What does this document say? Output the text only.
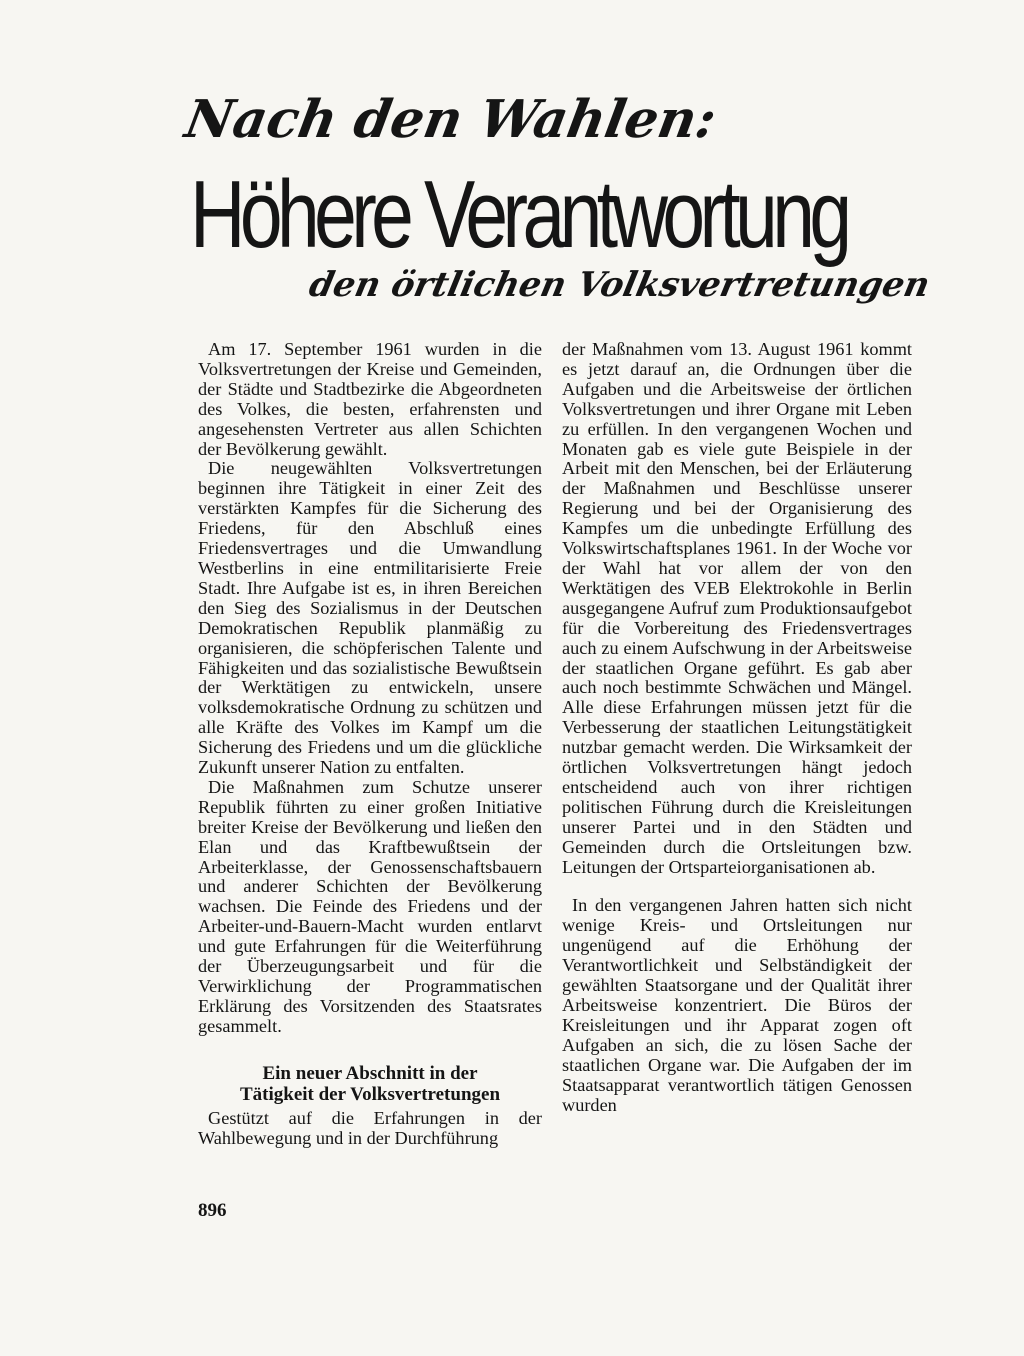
Nach den Wahlen:
Höhere Verantwortung
den örtlichen Volksvertretungen

Am 17. September 1961 wurden in die Volksvertretungen der Kreise und Gemeinden, der Städte und Stadtbezirke die Abgeordneten des Volkes, die besten, erfahrensten und angesehensten Vertreter aus allen Schichten der Bevölkerung gewählt.

Die neugewählten Volksvertretungen beginnen ihre Tätigkeit in einer Zeit des verstärkten Kampfes für die Sicherung des Friedens, für den Abschluß eines Friedensvertrages und die Umwandlung Westberlins in eine entmilitarisierte Freie Stadt. Ihre Aufgabe ist es, in ihren Bereichen den Sieg des Sozialismus in der Deutschen Demokratischen Republik planmäßig zu organisieren, die schöpferischen Talente und Fähigkeiten und das sozialistische Bewußtsein der Werktätigen zu entwickeln, unsere volksdemokratische Ordnung zu schützen und alle Kräfte des Volkes im Kampf um die Sicherung des Friedens und um die glückliche Zukunft unserer Nation zu entfalten.

Die Maßnahmen zum Schutze unserer Republik führten zu einer großen Initiative breiter Kreise der Bevölkerung und ließen den Elan und das Kraftbewußtsein der Arbeiterklasse, der Genossenschaftsbauern und anderer Schichten der Bevölkerung wachsen. Die Feinde des Friedens und der Arbeiter-und-Bauern-Macht wurden entlarvt und gute Erfahrungen für die Weiterführung der Überzeugungsarbeit und für die Verwirklichung der Programmatischen Erklärung des Vorsitzenden des Staatsrates gesammelt.

Ein neuer Abschnitt in der
Tätigkeit der Volksvertretungen

Gestützt auf die Erfahrungen in der Wahlbewegung und in der Durchführung

der Maßnahmen vom 13. August 1961 kommt es jetzt darauf an, die Ordnungen über die Aufgaben und die Arbeitsweise der örtlichen Volksvertretungen und ihrer Organe mit Leben zu erfüllen. In den vergangenen Wochen und Monaten gab es viele gute Beispiele in der Arbeit mit den Menschen, bei der Erläuterung der Maßnahmen und Beschlüsse unserer Regierung und bei der Organisierung des Kampfes um die unbedingte Erfüllung des Volkswirtschaftsplanes 1961. In der Woche vor der Wahl hat vor allem der von den Werktätigen des VEB Elektrokohle in Berlin ausgegangene Aufruf zum Produktionsaufgebot für die Vorbereitung des Friedensvertrages auch zu einem Aufschwung in der Arbeitsweise der staatlichen Organe geführt. Es gab aber auch noch bestimmte Schwächen und Mängel. Alle diese Erfahrungen müssen jetzt für die Verbesserung der staatlichen Leitungstätigkeit nutzbar gemacht werden. Die Wirksamkeit der örtlichen Volksvertretungen hängt jedoch entscheidend auch von ihrer richtigen politischen Führung durch die Kreisleitungen unserer Partei und in den Städten und Gemeinden durch die Ortsleitungen bzw. Leitungen der Ortsparteiorganisationen ab.

In den vergangenen Jahren hatten sich nicht wenige Kreis- und Ortsleitungen nur ungenügend auf die Erhöhung der Verantwortlichkeit und Selbständigkeit der gewählten Staatsorgane und der Qualität ihrer Arbeitsweise konzentriert. Die Büros der Kreisleitungen und ihr Apparat zogen oft Aufgaben an sich, die zu lösen Sache der staatlichen Organe war. Die Aufgaben der im Staatsapparat verantwortlich tätigen Genossen wurden

896
